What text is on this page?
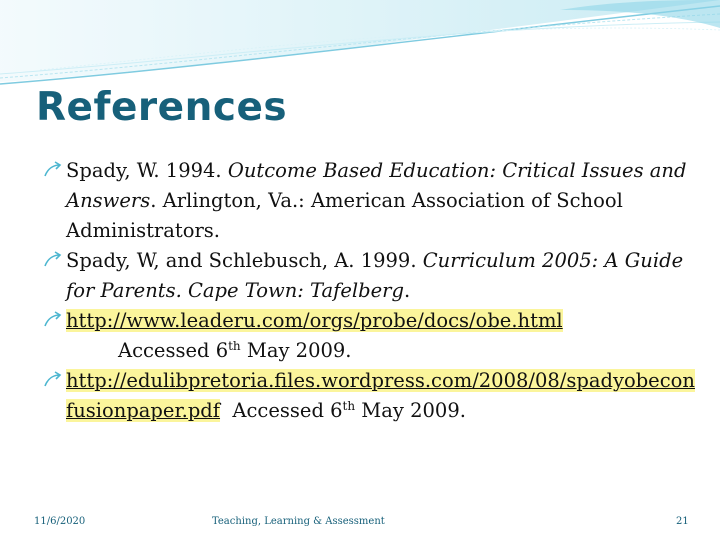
References

Spady, W. 1994. Outcome Based Education: Critical Issues and Answers. Arlington, Va.: American Association of School Administrators.

Spady, W, and Schlebusch, A. 1999. Curriculum 2005: A Guide for Parents. Cape Town: Tafelberg.

http://www.leaderu.com/orgs/probe/docs/obe.html
Accessed 6th May 2009.

http://edulibpretoria.files.wordpress.com/2008/08/spadyobeconfusionpaper.pdf Accessed 6th May 2009.

11/6/2020	Teaching, Learning & Assessment	21
